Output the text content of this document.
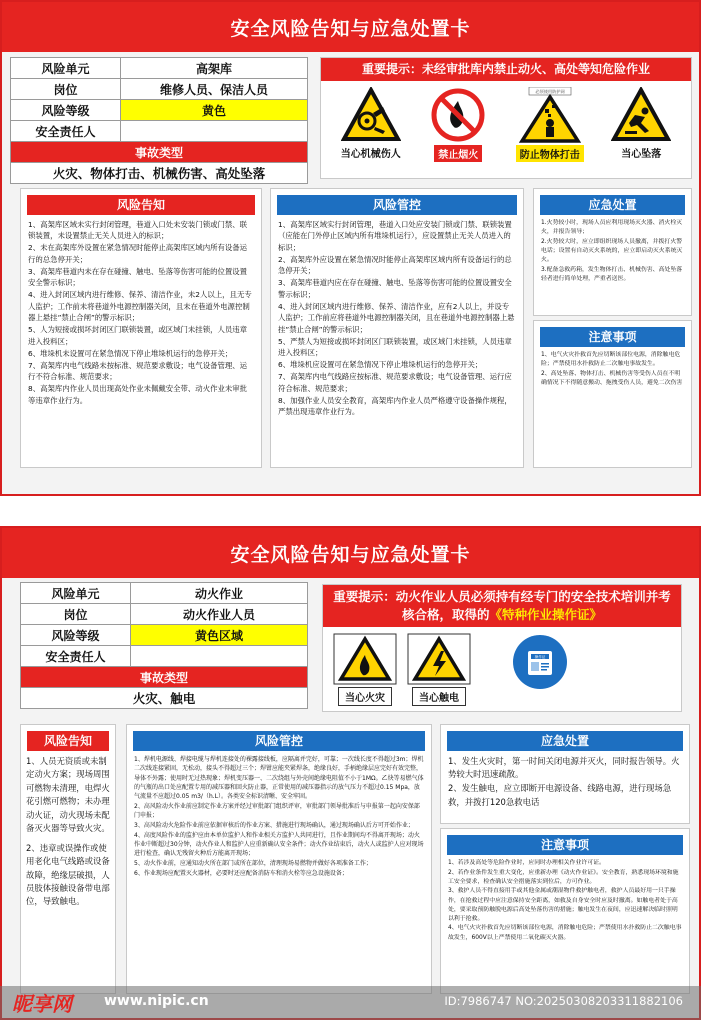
安全风险告知与应急处置卡
风险单元	高架库
岗位	维修人员、保洁人员
风险等级	黄色
安全责任人	
事故类型	
火灾、物体打击、机械伤害、高处坠落	
重要提示：未经审批库内禁止动火、高处等知危险作业
当心机械伤人	禁止烟火
必须使用防护网
防止物体打击	当心坠落
风险告知

1、高架库区域未实行封闭管理，巷道入口处未安装门锁或门禁、联锁装置，未设置禁止无关人员进入的标识；

2、未在高架库外设置在紧急情况时能停止高架库区域内所有设备运行的总急停开关；

3、高架库巷道内未在存在碰撞、触电、坠落等伤害可能的位置设置安全警示标识；

4、进入封闭区域内进行维修、保养、清洁作业，未2人以上，且无专人监护；工作前未将巷道外电源控制器关闭，且未在巷道外电源控制器上悬挂”禁止合闸”的警示标识；

5、人为短接或损坏封闭区门联锁装置，或区域门未挂锁，人员违章进入投料区；

6、堆垛机未设置可在紧急情况下停止堆垛机运行的急停开关；

7、高架库内电气线路未按标准、规范要求敷设；电气设备管理、运行不符合标准、规范要求；

8、高架库内作业人员出现高处作业未佩戴安全带、动火作业未审批等违章作业行为。

风险管控

1、高架库区域实行封闭管理，巷道入口处应安装门锁或门禁、联锁装置（应能在门外停止区域内所有堆垛机运行），应设置禁止无关人员进入的标识；

2、高架库外应设置在紧急情况时能停止高架库区域内所有设备运行的总急停开关；

3、高架库巷道内应在存在碰撞、触电、坠落等伤害可能的位置设置安全警示标识；

4、进入封闭区域内进行维修、保养、清洁作业，应有2人以上，并设专人监护；工作前应将巷道外电源控制器关闭，且在巷道外电源控制器上悬挂”禁止合闸”的警示标识；

5、严禁人为短接或损坏封闭区门联锁装置，或区域门未挂锁，人员违章进入投料区；

6、堆垛机应设置可在紧急情况下停止堆垛机运行的急停开关；

7、高架库内电气线路应按标准、规范要求敷设；电气设备管理、运行应符合标准、规范要求；

8、加强作业人员安全教育，高架库内作业人员严格遵守设备操作规程，严禁出现违章作业行为。

应急处置

1.火势较小时，现场人员应利用现场灭火器、消火栓灭火，并报告领导；

2.火势较大时，应立即组织现场人员撤离，并拨打火警电话；设置有自动灭火系统的，应立即启动灭火系统灭火。

3.配备急救药箱，发生物体打击、机械伤害、高处坠落轻者进行简单处理，严重者送医。

注意事项

1、电气火灾扑救首先应切断该部位电源，消除触电危险；严禁使用水扑救防止二次触电事故发生。

2、高处坠落、物体打击、机械伤害等受伤人员在不明确情况下不得随意搬动、拖拽受伤人员，避免二次伤害

安全风险告知与应急处置卡
风险单元	动火作业
岗位	动火作业人员
风险等级	黄色区域
安全责任人	
事故类型	
火灾、触电	
重要提示：动火作业人员必须持有经专门的安全技术培训并考核合格，取得的《特种作业操作证》
当心火灾	当心触电
操作证
风险告知

1、人员无资质或未制定动火方案；现场周围可燃物未清理，电焊火花引燃可燃物；未办理动火证，动火现场未配备灭火器等导致火灾。

2、违章或误操作或使用老化电气线路或设备故障，绝缘层破损，人员肢体接触设备带电部位，导致触电。

风险管控

1、焊机电源线、焊接电缆与焊机连接处的裸露接线板，应隔离并完好，可靠；一次线长度不得超过3m；焊机二次线连接紧固，无松动，接头不得超过三个；焊钳应能夹紧焊条，绝缘良好，手柄绝缘层应完好有效完整，导体不外露；使用时无过热现象；焊机变压器一、二次绕组与外壳间绝缘电阻值不小于1MΩ。乙炔等易燃气体的气瓶的出口处应配置专用的减压器和回火防止器，正常使用的减压器指示的放气压力不超过0.15 Mpa，放气流量不应超过0.05 m3/（h.L）。各类安全标识清晰、安全牢固。

2、高风险动火作业前应制定作业方案并经过审批部门组织评审，审批部门领导批准后与申报第一起向安保部门申报；

3、高风险动火危险作业前应依据审核后的作业方案、措施进行现场确认，通过现场确认后方可开始作业；

4、高度风险作业的监护应由本单位监护人和作业相关方监护人共同进行，且作业期间均不得离开现场；动火作业中断超过30分钟，动火作业人和监护人应重新确认安全条件；动火作业结束后，动火人或监护人应对现场进行检查，确认无残留火种后方能离开现场；

5、动火作业前，应通知动火所在部门或所在部位，清理现场易燃物并做好各项准备工作；

6、作业现场应配置灭火器材，必要时还应配备消防车和消火栓等应急设施设备；

应急处置

1、发生火灾时，第一时间关闭电源并灭火，同时报告领导。火势较大时迅速疏散。

2、发生触电，应立即断开电源设备、线路电源，进行现场急救，并拨打120急救电话

注意事项

1、若涉及高处等危险作业时，应同时办理相关作业许可证。

2、若作业条件发生重大变化，应重新办理《动火作业证》。安全教育，熟悉现场环境和施工安全要求，检查确认安全措施落实到位后，方可作业。

3、救护人员不得直接用手或其他金属或潮湿物件救护触电者，救护人员最好用一只手操作，在抢救过程中应注意保持安全距离，如救及自身安全时应及时撤离。如触电者处于高处，要采取预防触脱电源后高处坠落伤害的措施；触电发生在夜间，应迅速解决临时照明以利于抢救。

4、电气火灾扑救首先应切断该部位电源，消除触电危险；严禁使用水扑救防止二次触电事故发生，600V以上严禁使用二氧化碳灭火器。

昵享网 www.nipic.cn	ID:7986747 NO:20250308203311882106
